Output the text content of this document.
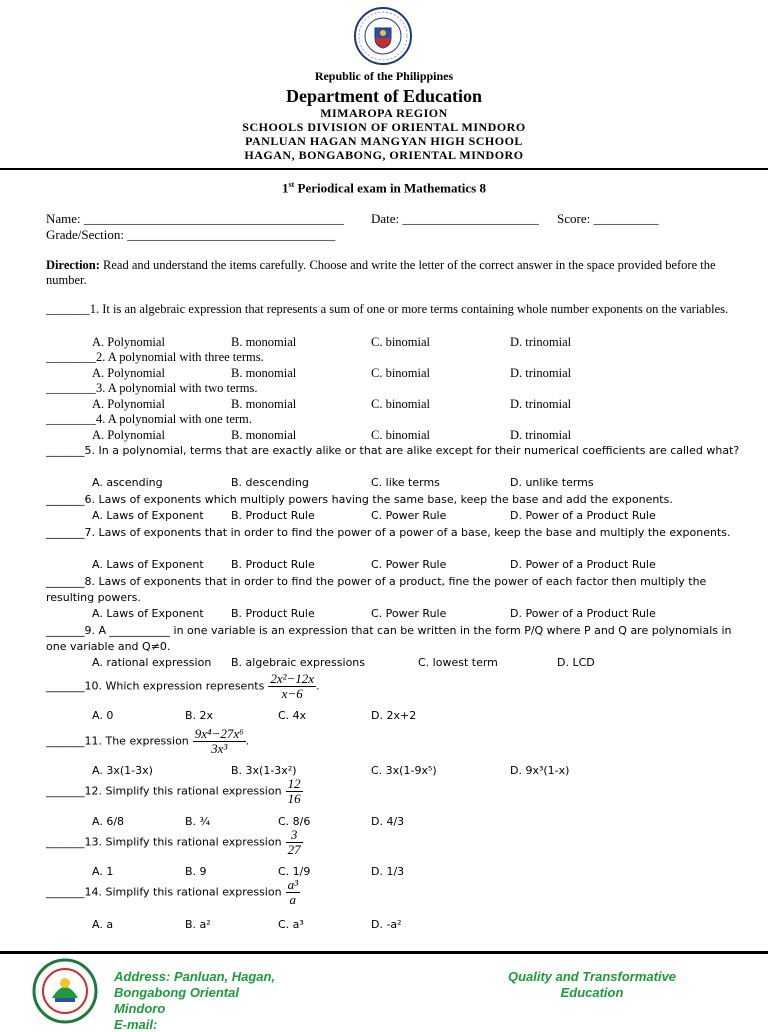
Republic of the Philippines
Department of Education
MIMAROPA REGION
SCHOOLS DIVISION OF ORIENTAL MINDORO
PANLUAN HAGAN MANGYAN HIGH SCHOOL
HAGAN, BONGABONG, ORIENTAL MINDORO
1st Periodical exam in Mathematics 8
Name: ________________________________________ Date: _____________________ Score: __________
Grade/Section: ________________________________
Direction: Read and understand the items carefully. Choose and write the letter of the correct answer in the space provided before the number.
_______1. It is an algebraic expression that represents a sum of one or more terms containing whole number exponents on the variables.
A. Polynomial	B. monomial	C. binomial	D. trinomial
________2. A polynomial with three terms.
A. Polynomial	B. monomial	C. binomial	D. trinomial
________3. A polynomial with two terms.
A. Polynomial	B. monomial	C. binomial	D. trinomial
________4. A polynomial with one term.
A. Polynomial	B. monomial	C. binomial	D. trinomial
_______5. In a polynomial, terms that are exactly alike or that are alike except for their numerical coefficients are called what?
A. ascending	B. descending	C. like terms	D. unlike terms
_______6. Laws of exponents which multiply powers having the same base, keep the base and add the exponents.
A. Laws of Exponent B. Product Rule	C. Power Rule	D. Power of a Product Rule
_______7. Laws of exponents that in order to find the power of a power of a base, keep the base and multiply the exponents.
A. Laws of Exponent B. Product Rule	C. Power Rule	D. Power of a Product Rule
_______8. Laws of exponents that in order to find the power of a product, fine the power of each factor then multiply the resulting powers.
A. Laws of Exponent B. Product Rule	C. Power Rule	D. Power of a Product Rule
_______9. A ___________ in one variable is an expression that can be written in the form P/Q where P and Q are polynomials in one variable and Q≠0.
A. rational expression B. algebraic expressions	C. lowest term	D. LCD
_______10. Which expression represents $\frac{\text{2x²−12x}}{x-6}$ .
A. 0	B. 2x	C. 4x	D. 2x+2
_______11. The expression $\frac{\text{9x⁴−27x⁶}}{\text{3x³}}$ .
A. 3x(1-3x)	B. 3x(1-3x²)	C. 3x(1-9x⁵)	D. 9x³(1-x)
_______12. Simplify this rational expression $\frac{12}{16}$
A. 6/8	B. ¾	C. 8/6	D. 4/3
_______13. Simplify this rational expression $\frac{3}{27}$
A. 1	B. 9	C. 1/9	D. 1/3
_______14. Simplify this rational expression $\frac{\text{a³}}{a}$
A. a	B. a²	C. a³	D. -a²
Address: Panluan, Hagan, Bongabong Oriental Mindoro
E-mail:
Quality and Transformative Education
